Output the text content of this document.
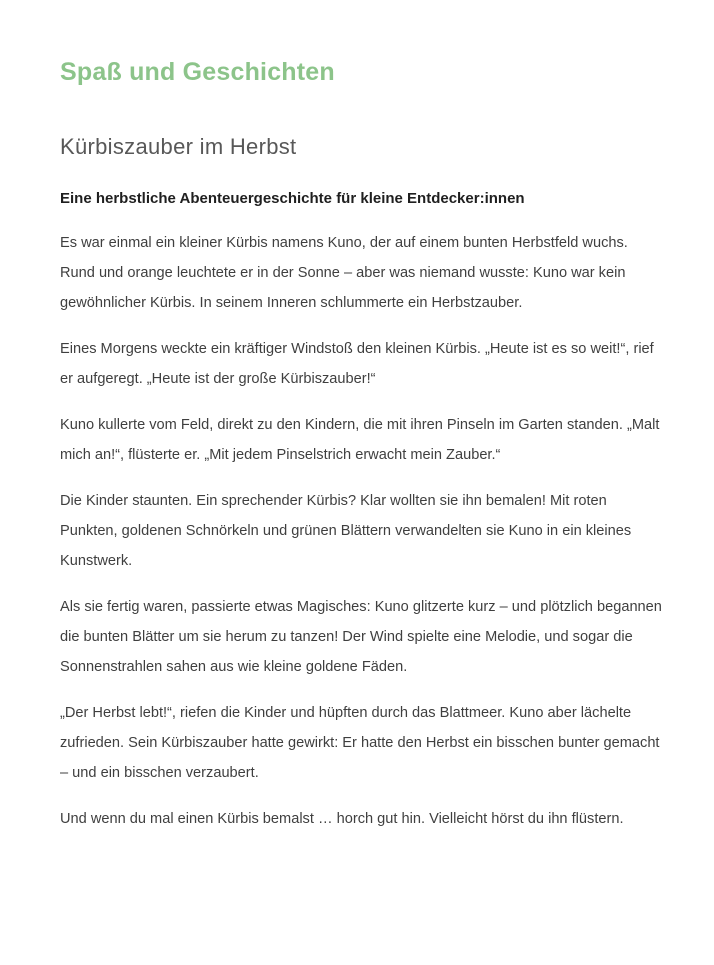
Spaß und Geschichten
Kürbiszauber im Herbst

Eine herbstliche Abenteuergeschichte für kleine Entdecker:innen

Es war einmal ein kleiner Kürbis namens Kuno, der auf einem bunten Herbstfeld wuchs. Rund und orange leuchtete er in der Sonne – aber was niemand wusste: Kuno war kein gewöhnlicher Kürbis. In seinem Inneren schlummerte ein Herbstzauber.

Eines Morgens weckte ein kräftiger Windstoß den kleinen Kürbis. „Heute ist es so weit!“, rief er aufgeregt. „Heute ist der große Kürbiszauber!“

Kuno kullerte vom Feld, direkt zu den Kindern, die mit ihren Pinseln im Garten standen. „Malt mich an!“, flüsterte er. „Mit jedem Pinselstrich erwacht mein Zauber.“

Die Kinder staunten. Ein sprechender Kürbis? Klar wollten sie ihn bemalen! Mit roten Punkten, goldenen Schnörkeln und grünen Blättern verwandelten sie Kuno in ein kleines Kunstwerk.

Als sie fertig waren, passierte etwas Magisches: Kuno glitzerte kurz – und plötzlich begannen die bunten Blätter um sie herum zu tanzen! Der Wind spielte eine Melodie, und sogar die Sonnenstrahlen sahen aus wie kleine goldene Fäden.

„Der Herbst lebt!“, riefen die Kinder und hüpften durch das Blattmeer. Kuno aber lächelte zufrieden. Sein Kürbiszauber hatte gewirkt: Er hatte den Herbst ein bisschen bunter gemacht – und ein bisschen verzaubert.

Und wenn du mal einen Kürbis bemalst … horch gut hin. Vielleicht hörst du ihn flüstern.
